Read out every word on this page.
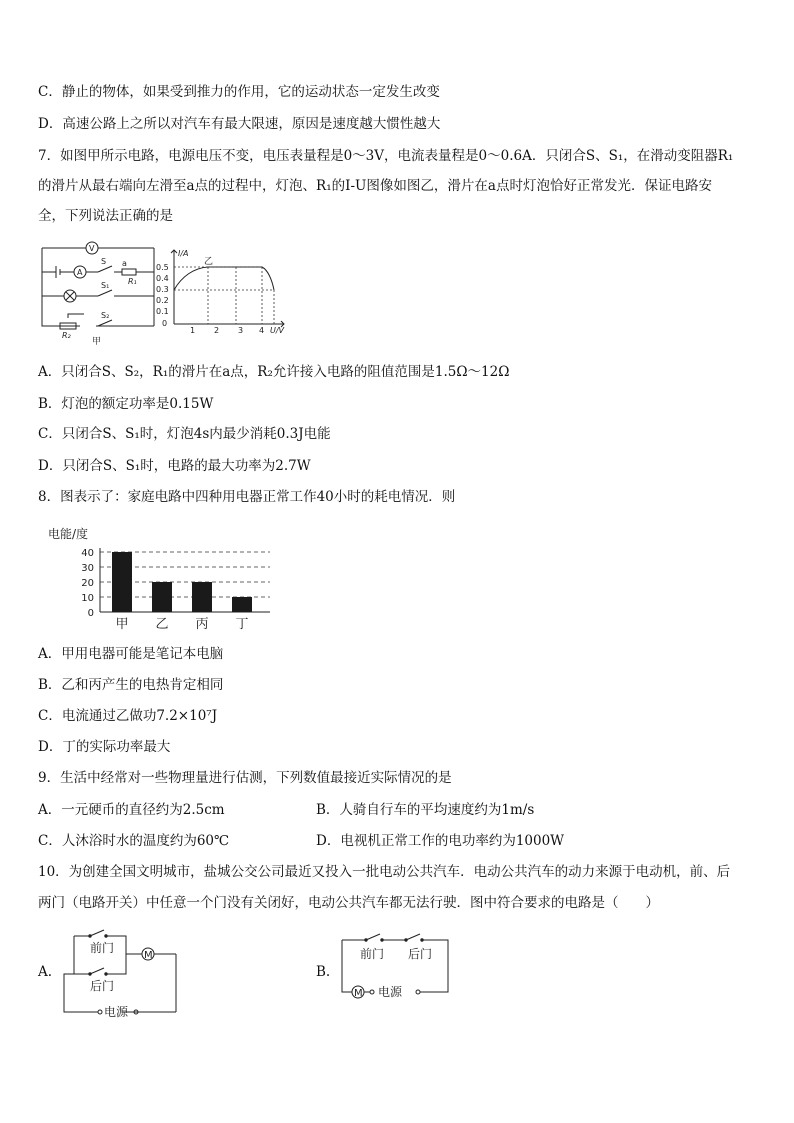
C．静止的物体，如果受到推力的作用，它的运动状态一定发生改变
D．高速公路上之所以对汽车有最大限速，原因是速度越大惯性越大
7．如图甲所示电路，电源电压不变，电压表量程是0～3V，电流表量程是0～0.6A．只闭合S、S₁，在滑动变阻器R₁
的滑片从最右端向左滑至a点的过程中，灯泡、R₁的I-U图像如图乙，滑片在a点时灯泡恰好正常发光．保证电路安
全，下列说法正确的是
V
A
S a
R₁
S₁
S₂
R₂
甲
I/A
0.5
0.4
0.3
0.2
0.1
0
1 2 3 4 U/V
乙
A．只闭合S、S₂，R₁的滑片在a点，R₂允许接入电路的阻值范围是1.5Ω～12Ω
B．灯泡的额定功率是0.15W
C．只闭合S、S₁时，灯泡4s内最少消耗0.3J电能
D．只闭合S、S₁时，电路的最大功率为2.7W
8．图表示了：家庭电路中四种用电器正常工作40小时的耗电情况．则
电能/度
40
30
20
10
0
甲 乙 丙 丁
A．甲用电器可能是笔记本电脑
B．乙和丙产生的电热肯定相同
C．电流通过乙做功7.2×10⁷J
D．丁的实际功率最大
9．生活中经常对一些物理量进行估测，下列数值最接近实际情况的是
A．一元硬币的直径约为2.5cm	B．人骑自行车的平均速度约为1m/s
C．人沐浴时水的温度约为60℃	D．电视机正常工作的电功率约为1000W
10．为创建全国文明城市，盐城公交公司最近又投入一批电动公共汽车．电动公共汽车的动力来源于电动机，前、后
两门（电路开关）中任意一个门没有关闭好，电动公共汽车都无法行驶．图中符合要求的电路是（　　）
A.
前门
后门
M
电源
B.
前门 后门
M 电源
